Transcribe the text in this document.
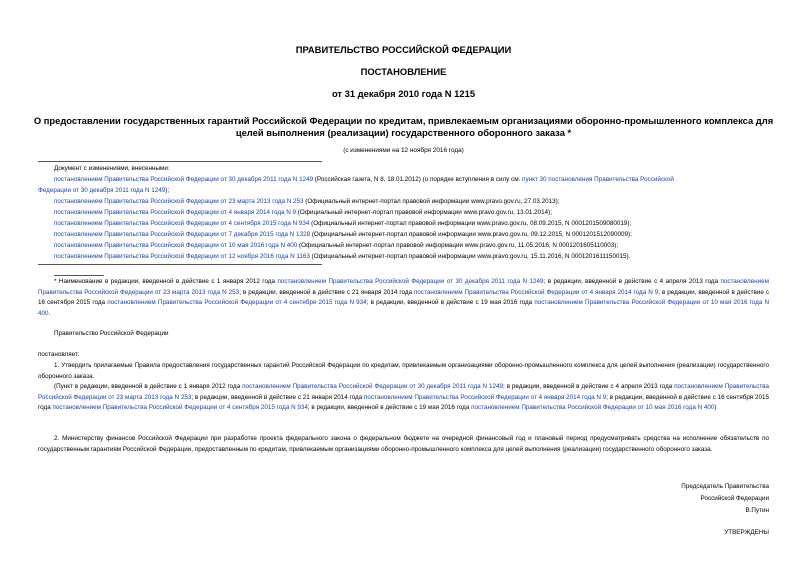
ПРАВИТЕЛЬСТВО РОССИЙСКОЙ ФЕДЕРАЦИИ
ПОСТАНОВЛЕНИЕ
от 31 декабря 2010 года N 1215
О предоставлении государственных гарантий Российской Федерации по кредитам, привлекаемым организациями оборонно-промышленного комплекса для целей выполнения (реализации) государственного оборонного заказа *
(с изменениями на 12 ноября 2016 года)
Документ с изменениями, внесенными:
постановлением Правительства Российской Федерации от 30 декабря 2011 года N 1249 (Российская газета, N 8, 18.01.2012) (о порядке вступления в силу см. пункт 30 постановления Правительства Российской
Федерации от 30 декабря 2011 года N 1249);
постановлением Правительства Российской Федерации от 23 марта 2013 года N 253 (Официальный интернет-портал правовой информации www.pravo.gov.ru, 27.03.2013);
постановлением Правительства Российской Федерации от 4 января 2014 года N 9 (Официальный интернет-портал правовой информации www.pravo.gov.ru, 13.01.2014);
постановлением Правительства Российской Федерации от 4 сентября 2015 года N 934 (Официальный интернет-портал правовой информации www.pravo.gov.ru, 08.09.2015, N 0001201509080019);
постановлением Правительства Российской Федерации от 7 декабря 2015 года N 1328 (Официальный интернет-портал правовой информации www.pravo.gov.ru, 09.12.2015, N 0001201512090009);
постановлением Правительства Российской Федерации от 10 мая 2016 года N 400 (Официальный интернет-портал правовой информации www.pravo.gov.ru, 11.05.2016, N 0001201605110003);
постановлением Правительства Российской Федерации от 12 ноября 2016 года N 1163 (Официальный интернет-портал правовой информации www.pravo.gov.ru, 15.11.2016, N 0001201611150015).
* Наименование в редакции, введенной в действие с 1 января 2012 года постановлением Правительства Российской Федерации от 30 декабря 2011 года N 1249; в редакции, введенной в действие с 4 апреля 2013 года постановлением Правительства Российской Федерации от 23 марта 2013 года N 253; в редакции, введенной в действие с 21 января 2014 года постановлением Правительства Российской Федерации от 4 января 2014 года N 9; в редакции, введенной в действие с 16 сентября 2015 года постановлением Правительства Российской Федерации от 4 сентября 2015 года N 934; в редакции, введенной в действие с 19 мая 2016 года постановлением Правительства Российской Федерации от 10 мая 2016 года N 400.
Правительство Российской Федерации
постановляет:
1. Утвердить прилагаемые Правила предоставления государственных гарантий Российской Федерации по кредитам, привлекаемым организациями оборонно-промышленного комплекса для целей выполнения (реализации) государственного оборонного заказа.
(Пункт в редакции, введенной в действие с 1 января 2012 года постановлением Правительства Российской Федерации от 30 декабря 2011 года N 1249; в редакции, введенной в действие с 4 апреля 2013 года постановлением Правительства Российской Федерации от 23 марта 2013 года N 253; в редакции, введенной в действие с 21 января 2014 года постановлением Правительства Российской Федерации от 4 января 2014 года N 9; в редакции, введенной в действие с 16 сентября 2015 года постановлением Правительства Российской Федерации от 4 сентября 2015 года N 934; в редакции, введенной в действие с 19 мая 2016 года постановлением Правительства Российской Федерации от 10 мая 2016 года N 400)
2. Министерству финансов Российской Федерации при разработке проекта федерального закона о федеральном бюджете на очередной финансовый год и плановый период предусматривать средства на исполнение обязательств по государственным гарантиям Российской Федерации, предоставленным по кредитам, привлекаемым организациями оборонно-промышленного комплекса для целей выполнения (реализации) государственного оборонного заказа.
Председатель Правительства
Российской Федерации
В.Путин
УТВЕРЖДЕНЫ
